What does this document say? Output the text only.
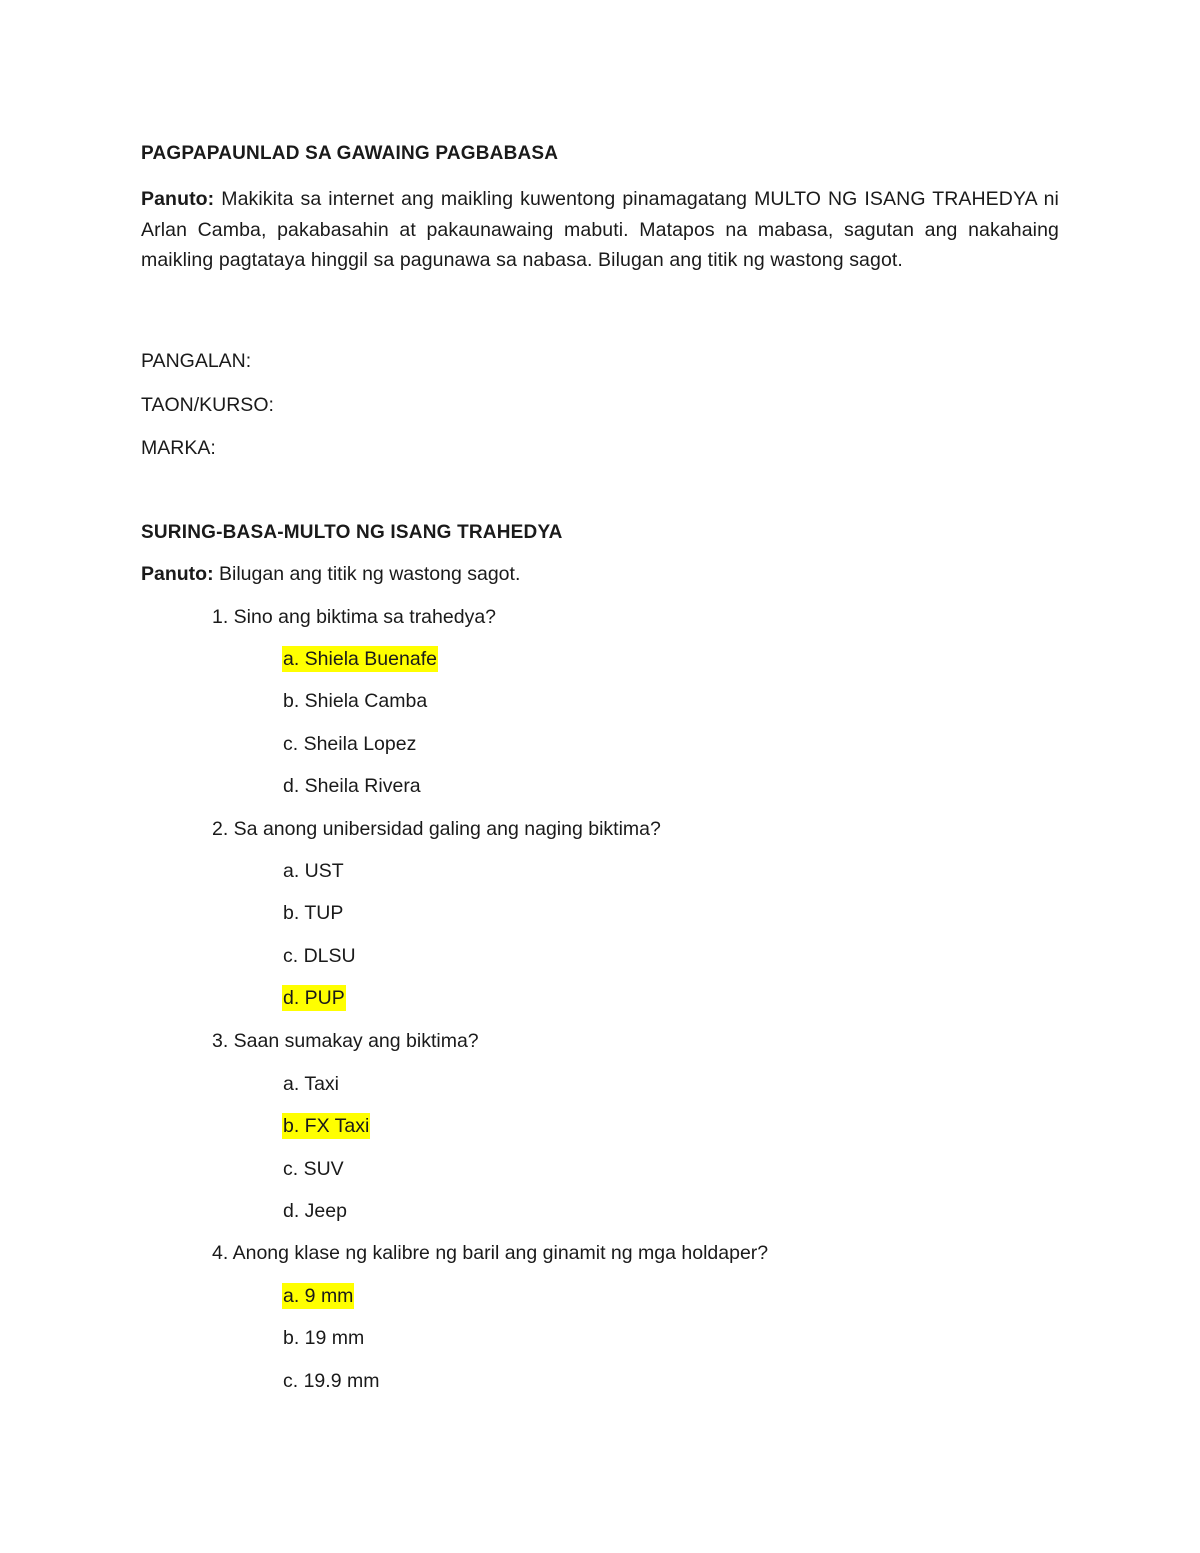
PAGPAPAUNLAD SA GAWAING PAGBABASA
Panuto: Makikita sa internet ang maikling kuwentong pinamagatang MULTO NG ISANG TRAHEDYA ni Arlan Camba, pakabasahin at pakaunawaing mabuti. Matapos na mabasa, sagutan ang nakahaing maikling pagtataya hinggil sa pagunawa sa nabasa. Bilugan ang titik ng wastong sagot.
PANGALAN:
TAON/KURSO:
MARKA:
SURING-BASA-MULTO NG ISANG TRAHEDYA
Panuto: Bilugan ang titik ng wastong sagot.
1. Sino ang biktima sa trahedya?
a. Shiela Buenafe
b. Shiela Camba
c. Sheila Lopez
d. Sheila Rivera
2. Sa anong unibersidad galing ang naging biktima?
a. UST
b. TUP
c. DLSU
d. PUP
3. Saan sumakay ang biktima?
a. Taxi
b. FX Taxi
c. SUV
d. Jeep
4. Anong klase ng kalibre ng baril ang ginamit ng mga holdaper?
a. 9 mm
b. 19 mm
c. 19.9 mm
